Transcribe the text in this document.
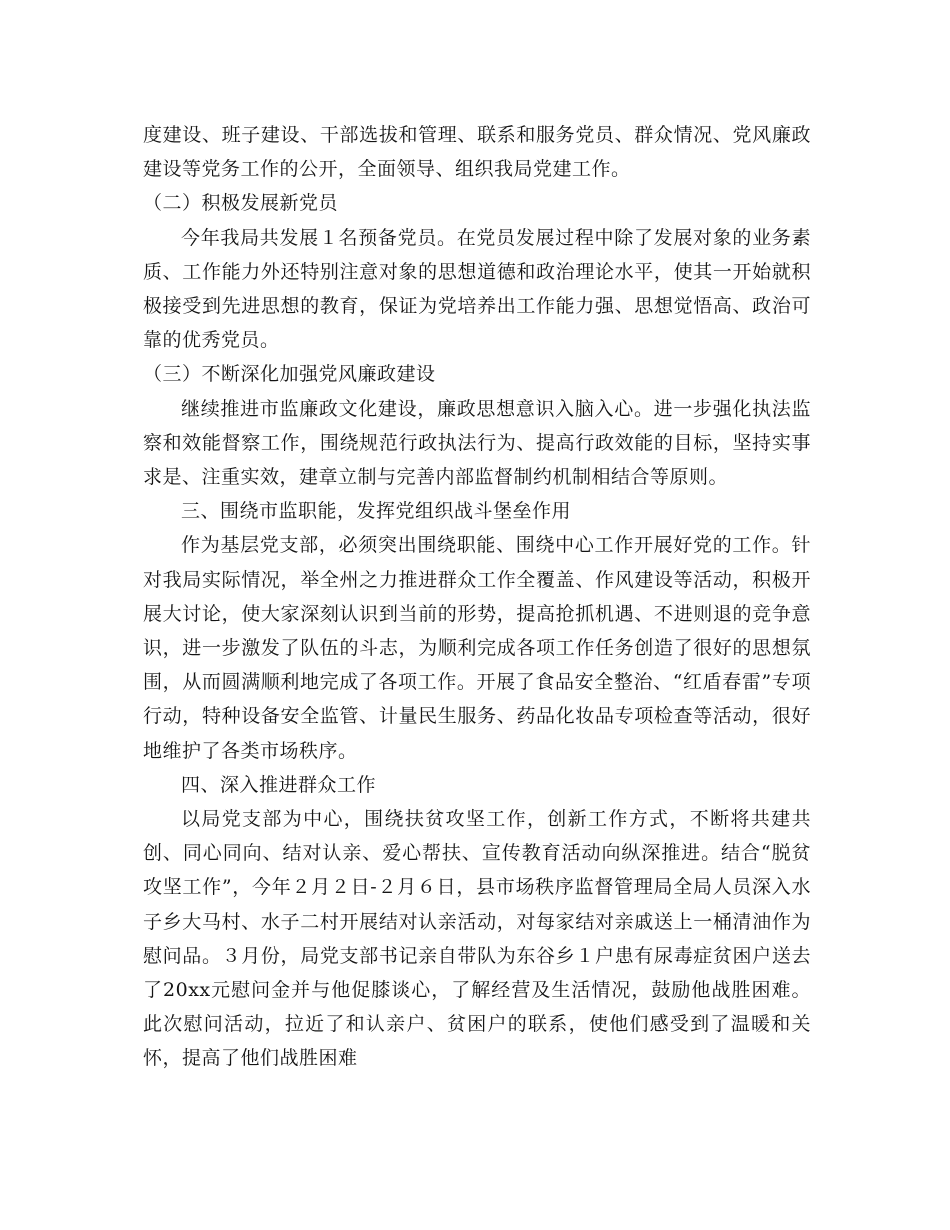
度建设、班子建设、干部选拔和管理、联系和服务党员、群众情况、党风廉政建设等党务工作的公开，全面领导、组织我局党建工作。

（二）积极发展新党员

今年我局共发展１名预备党员。在党员发展过程中除了发展对象的业务素质、工作能力外还特别注意对象的思想道德和政治理论水平，使其一开始就积极接受到先进思想的教育，保证为党培养出工作能力强、思想觉悟高、政治可靠的优秀党员。

（三）不断深化加强党风廉政建设

继续推进市监廉政文化建设，廉政思想意识入脑入心。进一步强化执法监察和效能督察工作，围绕规范行政执法行为、提高行政效能的目标，坚持实事求是、注重实效，建章立制与完善内部监督制约机制相结合等原则。

三、围绕市监职能，发挥党组织战斗堡垒作用

作为基层党支部，必须突出围绕职能、围绕中心工作开展好党的工作。针对我局实际情况，举全州之力推进群众工作全覆盖、作风建设等活动，积极开展大讨论，使大家深刻认识到当前的形势，提高抢抓机遇、不进则退的竞争意识，进一步激发了队伍的斗志，为顺利完成各项工作任务创造了很好的思想氛围，从而圆满顺利地完成了各项工作。开展了食品安全整治、“红盾春雷”专项行动，特种设备安全监管、计量民生服务、药品化妆品专项检查等活动，很好地维护了各类市场秩序。

四、深入推进群众工作

以局党支部为中心，围绕扶贫攻坚工作，创新工作方式，不断将共建共创、同心同向、结对认亲、爱心帮扶、宣传教育活动向纵深推进。结合“脱贫攻坚工作”，今年２月２日-２月６日，县市场秩序监督管理局全局人员深入水子乡大马村、水子二村开展结对认亲活动，对每家结对亲戚送上一桶清油作为慰问品。３月份，局党支部书记亲自带队为东谷乡１户患有尿毒症贫困户送去了20xx元慰问金并与他促膝谈心，了解经营及生活情况，鼓励他战胜困难。此次慰问活动，拉近了和认亲户、贫困户的联系，使他们感受到了温暖和关怀，提高了他们战胜困难
